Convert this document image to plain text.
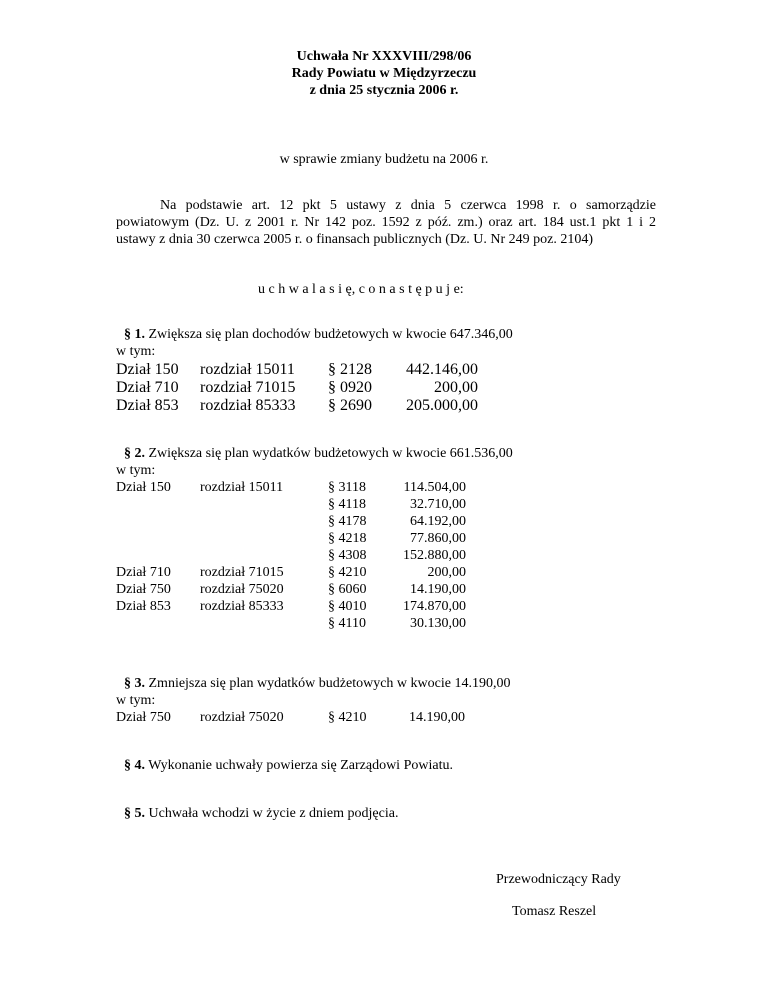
Uchwała Nr XXXVIII/298/06
Rady Powiatu w Międzyrzeczu
z dnia 25 stycznia 2006 r.
w sprawie zmiany budżetu na 2006 r.
Na podstawie art. 12 pkt 5 ustawy z dnia 5 czerwca 1998 r. o samorządzie
powiatowym (Dz. U. z 2001 r. Nr 142 poz. 1592 z póź. zm.) oraz art. 184 ust.1 pkt 1 i 2
ustawy z dnia 30 czerwca 2005 r. o finansach publicznych (Dz. U. Nr 249 poz. 2104)
u c h w a l a s i ę, c o n a s t ę p u j e:
§ 1. Zwiększa się plan dochodów budżetowych w kwocie 647.346,00
w tym:
Dział 150 rozdział 15011 § 2128	442.146,00
Dział 710 rozdział 71015 § 0920	200,00
Dział 853 rozdział 85333 § 2690	205.000,00
§ 2. Zwiększa się plan wydatków budżetowych w kwocie 661.536,00
w tym:
Dział 150 rozdział 15011	§ 3118	114.504,00
§ 4118	32.710,00
§ 4178	64.192,00
§ 4218	77.860,00
§ 4308	152.880,00
Dział 710 rozdział 71015	§ 4210	200,00
Dział 750 rozdział 75020	§ 6060	14.190,00
Dział 853 rozdział 85333	§ 4010	174.870,00
§ 4110	30.130,00
§ 3. Zmniejsza się plan wydatków budżetowych w kwocie 14.190,00
w tym:
Dział 750 rozdział 75020	§ 4210	14.190,00
§ 4. Wykonanie uchwały powierza się Zarządowi Powiatu.
§ 5. Uchwała wchodzi w życie z dniem podjęcia.
Przewodniczący Rady
Tomasz Reszel
